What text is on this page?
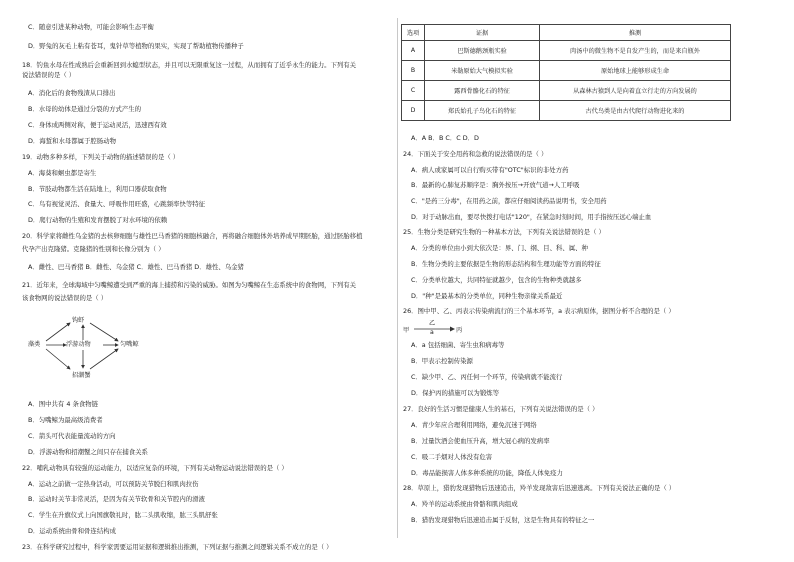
C．随意引进某种动物，可能会影响生态平衡
D．野兔的灰毛上粘有苍耳，鬼针草等植物的果实，实现了帮助植物传播种子
18．钓鱼水母在性成熟后会重新回到水螅型状态，并且可以无限重复这一过程，从而拥有了近乎永生的能力。下列有关
说法错误的是（ ）
A．消化后的食物残渣从口排出
B．水母的幼体是通过分裂的方式产生的
C．身体成两侧对称，便于运动灵活，迅速西有效
D．海蜇和水母都属于腔肠动物
19．动物多种多样，下列关于动物的描述错误的是（ ）
A．海葵和蛔虫都是寄生
B．节肢动物都生活在陆地上，利用口器获取食物
C．鸟有视觉灵活、食量大、呼吸作用旺盛，心跳频率快等特征
D．爬行动物的生殖和发育摆脱了对水环境的依赖
20．科学家将雌性乌金猪的去核卵细胞与雄性巴马香猪的细胞核融合，再将融合细胞体外培养成早期胚胎，通过胚胎移植
代孕产出克隆猪。克隆猪的性别和长像分别为（ ）
A．雌性、巴马香猪 B．雌性、乌金猪 C．雄性、巴马香猪 D．雄性、乌金猪
21．近年来，全球海域中匀嘴鲸遭受到严重的海上捕捞和污染的威胁。如图为匀嘴鲸在生态系统中的食物网，下列有关
该食物网的说法错误的是（ ）
藻类	浮游动物
钩虾
招潮蟹
匀嘴鲸
A．图中共有 4 条食物链
B．匀嘴鲸为最高级消费者
C．箭头可代表能量流动的方向
D．浮游动物和招潮蟹之间只存在捕食关系
22．哺乳动物具有较强的运动能力，以适应复杂的环境，下列有关动物运动说法错误的是（ ）
A．运动之前做一定热身活动，可以预防关节脱臼和肌肉拉伤
B．运动时关节非常灵活，是因为有关节软骨和关节腔内的滑液
C．学生在升旗仪式上向国旗敬礼时，肱二头肌收缩，肱三头肌舒张
D．运动系统由骨和骨连结构成
23．在科学研究过程中，科学家需要运用证据和逻辑推出推测，下列证据与推测之间逻辑关系不成立的是（ ）
选项	证据	推测
A	巴斯德鹅颈瓶实验	肉汤中的微生物不是自发产生的，而是来自瓶外
B	米勒原始大气模拟实验	原始地球上能够形成生命
C	露西骨骼化石的特征	从森林古猿到人是向着直立行走的方向发展的
D	郑氏始孔子鸟化石的特征	古代鸟类是由古代爬行动物进化来的
A．A B．B C．C D．D
24．下面关于安全用药和急救的说法错误的是（ ）
A．病人或家属可以自行购买带有"OTC"标识的非处方药
B．最新的心肺复苏顺序是：胸外按压→开放气道→人工呼吸
C．"是药三分毒"，在用药之前，都应仔细阅读药品说明书，安全用药
D．对于动脉出血，要尽快拨打电话"120"，在紧急时刻时间，用手指按压远心端止血
25．生物分类是研究生物的一种基本方法，下列有关说法错误的是（ ）
A．分类的单位由小到大依次是：界、门、纲、目、科、属、种
B．生物分类的主要依据是生物的形态结构和生理功能等方面的特征
C．分类单位越大，共同特征就越少，包含的生物种类就越多
D．"种"是最基本的分类单位，同种生物亲缘关系最近
26．图中甲、乙、丙表示传染病流行的三个基本环节，a 表示病原体，据图分析不合理的是（ ）
甲
乙
a	丙
A．a 包括细菌、寄生虫和病毒等
B．甲表示控制传染源
C．缺少甲、乙、丙任何一个环节，传染病就不能流行
D．保护丙的措施可以为锻炼等
27．良好的生活习惯是健康人生的基石，下列有关说法错误的是（ ）
A．青少年应合理利用网络，避免沉迷于网络
B．过量饮酒会使血压升高，增大冠心病的发病率
C．吸二手烟对人体没有危害
D．毒品能损害人体多种系统的功能，降低人体免疫力
28．草原上，猎豹发现猎物后迅速追击，羚羊发现敌害后迅速逃离。下列有关说法正确的是（ ）
A．羚羊的运动系统由骨骼和肌肉组成
B．猎豹发现猎物后迅速追击属于反射，这是生物具有的特征之一
